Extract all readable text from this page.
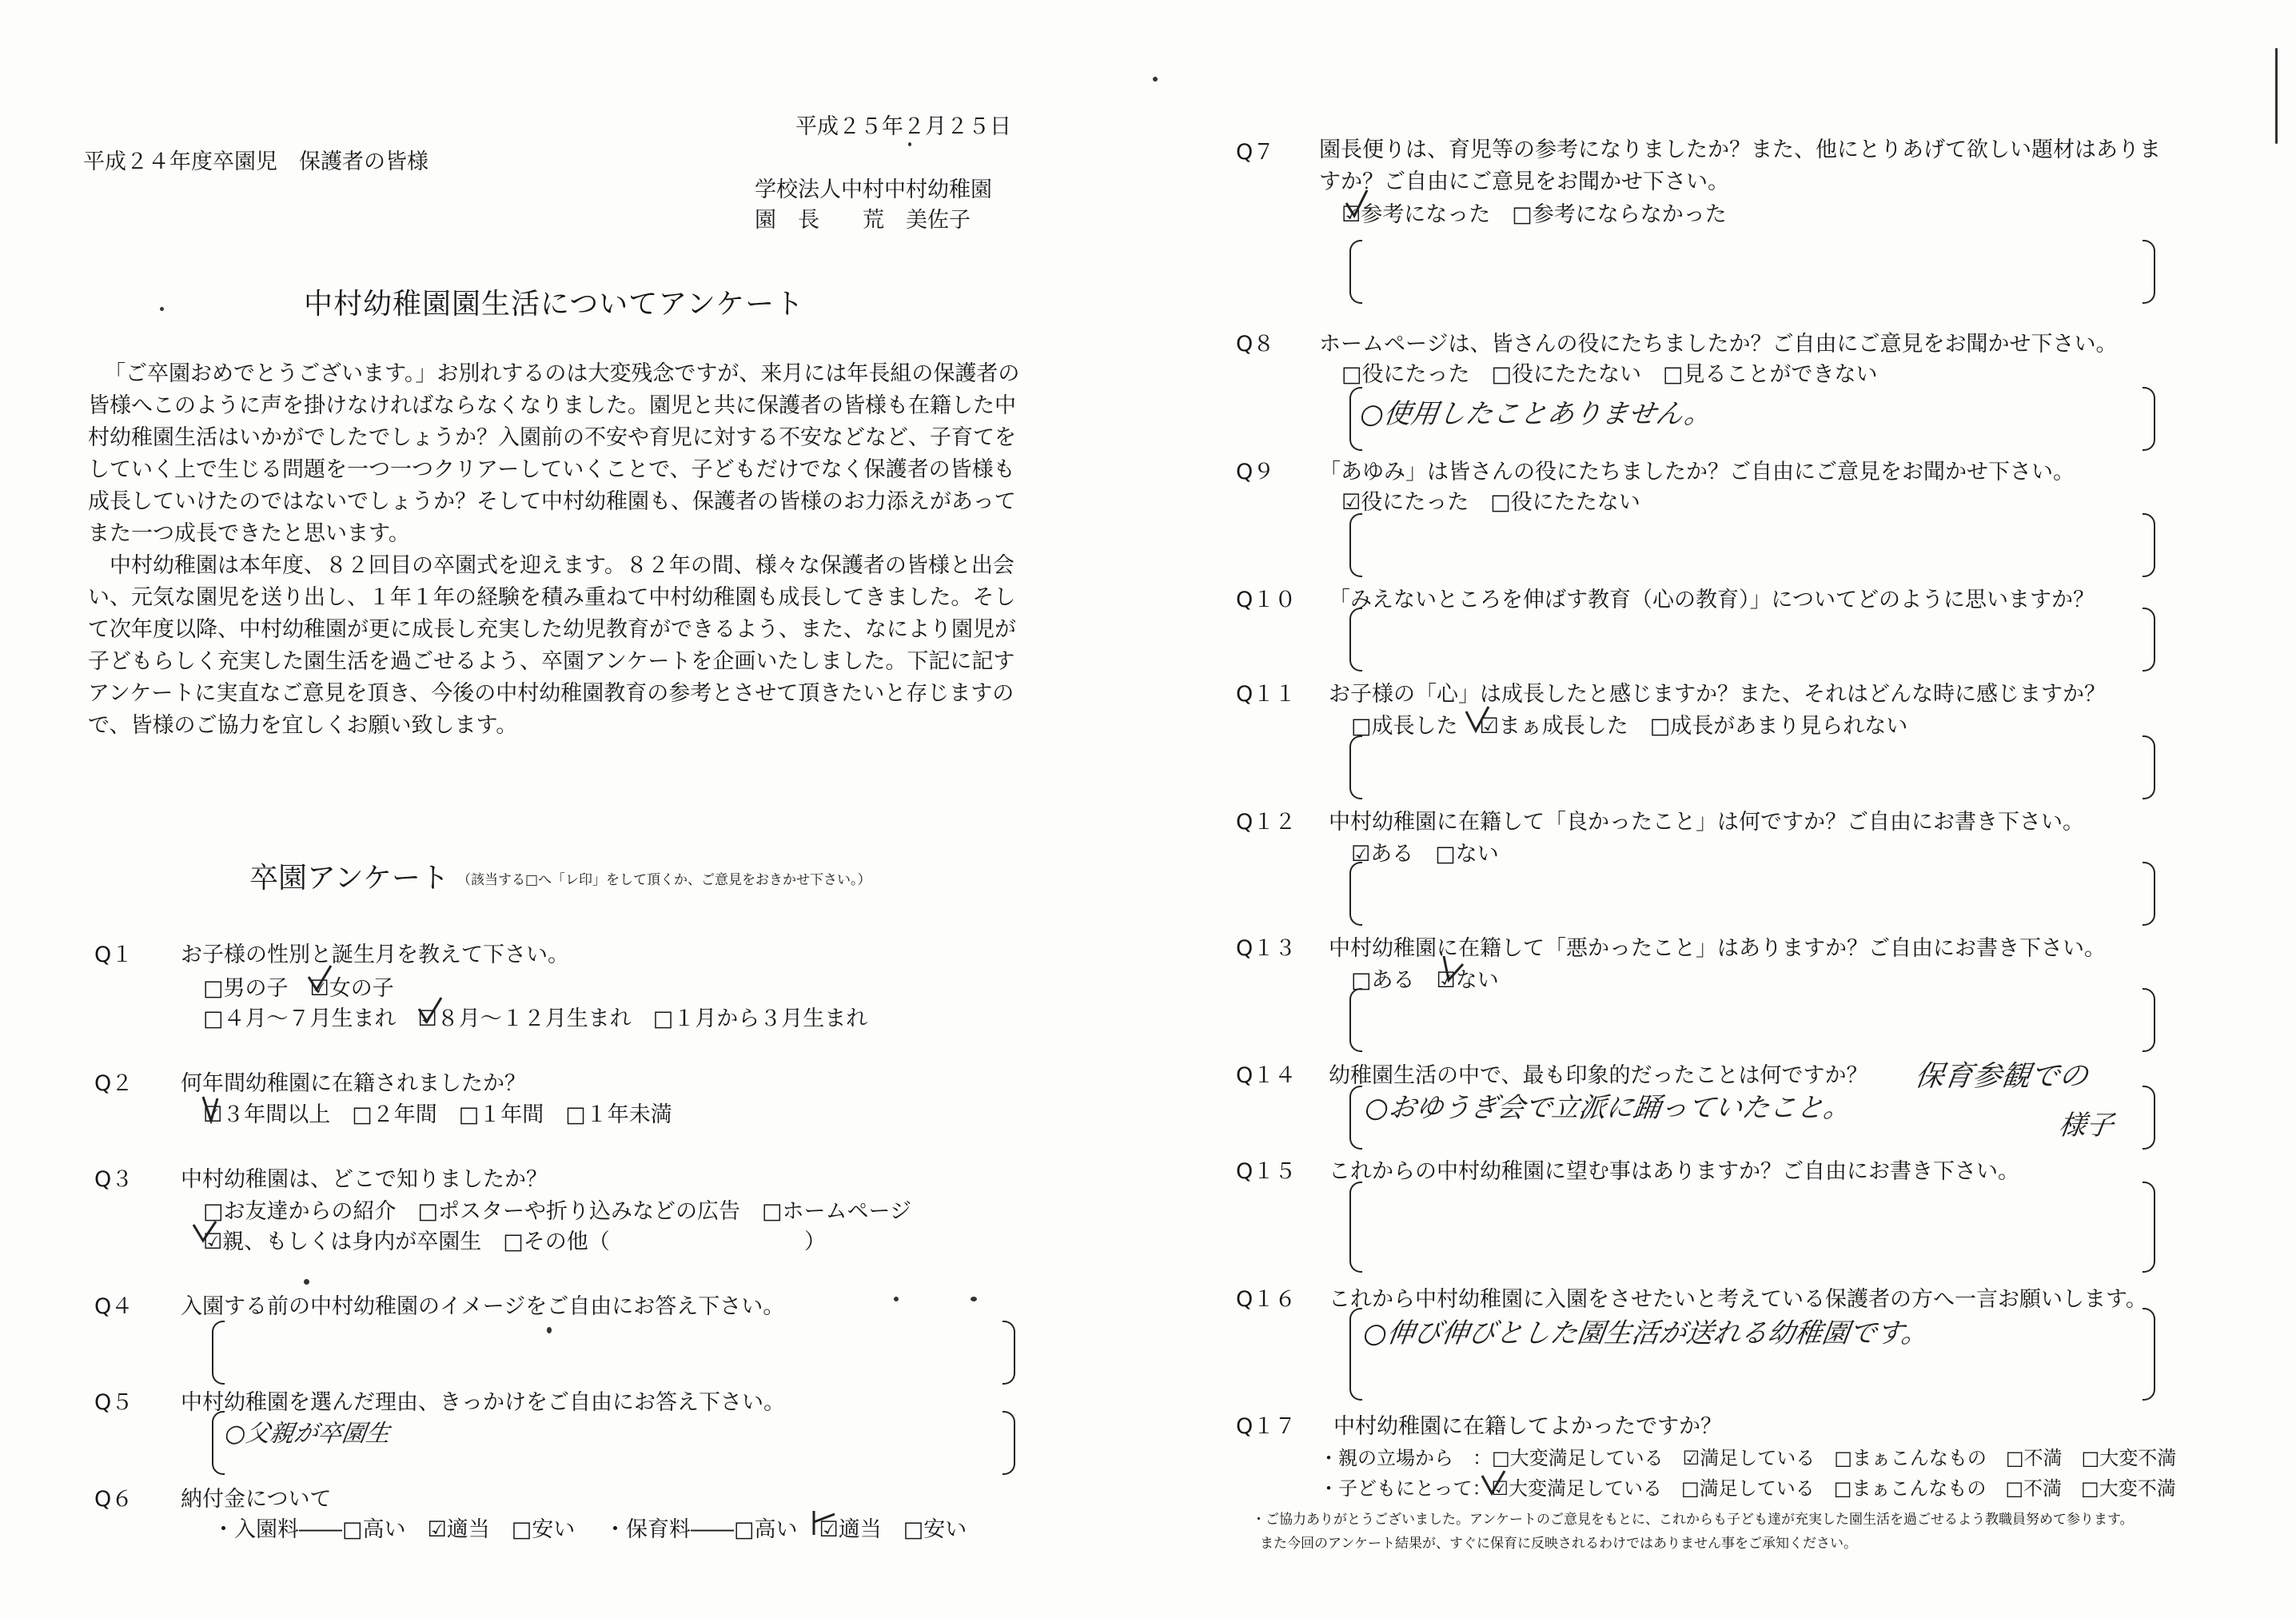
平成２５年２月２５日
平成２４年度卒園児　保護者の皆様
学校法人中村中村幼稚園
園　長　　荒　美佐子
中村幼稚園園生活についてアンケート

「ご卒園おめでとうございます。」お別れするのは大変残念ですが、来月には年長組の保護者の皆様へこのように声を掛けなければならなくなりました。園児と共に保護者の皆様も在籍した中村幼稚園生活はいかがでしたでしょうか？入園前の不安や育児に対する不安などなど、子育てをしていく上で生じる問題を一つ一つクリアーしていくことで、子どもだけでなく保護者の皆様も成長していけたのではないでしょうか？そして中村幼稚園も、保護者の皆様のお力添えがあってまた一つ成長できたと思います。

中村幼稚園は本年度、８２回目の卒園式を迎えます。８２年の間、様々な保護者の皆様と出会い、元気な園児を送り出し、１年１年の経験を積み重ねて中村幼稚園も成長してきました。そして次年度以降、中村幼稚園が更に成長し充実した幼児教育ができるよう、また、なにより園児が子どもらしく充実した園生活を過ごせるよう、卒園アンケートを企画いたしました。下記に記すアンケートに実直なご意見を頂き、今後の中村幼稚園教育の参考とさせて頂きたいと存じますので、皆様のご協力を宜しくお願い致します。

卒園アンケート （該当する□へ「レ印」をして頂くか、ご意見をおきかせ下さい。）
Q１ お子様の性別と誕生月を教えて下さい。
□男の子　☑女の子
□４月～７月生まれ　☑８月～１２月生まれ　□１月から３月生まれ
Q２ 何年間幼稚園に在籍されましたか？
☑３年間以上　□２年間　□１年間　□１年未満
Q３ 中村幼稚園は、どこで知りましたか？
□お友達からの紹介　□ポスターや折り込みなどの広告　□ホームページ
☑親、もしくは身内が卒園生　□その他（	）
Q４ 入園する前の中村幼稚園のイメージをご自由にお答え下さい。
Q５ 中村幼稚園を選んだ理由、きっかけをご自由にお答え下さい。
○父親が卒園生
Q６ 納付金について
・入園料――□高い　☑適当　□安い ・保育料――□高い　☑適当　□安い
Q７ 園長便りは、育児等の参考になりましたか？また、他にとりあげて欲しい題材はありますか？ご自由にご意見をお聞かせ下さい。
☑参考になった　□参考にならなかった
Q８ ホームページは、皆さんの役にたちましたか？ご自由にご意見をお聞かせ下さい。
□役にたった　□役にたたない　□見ることができない
○使用したことありません。
Q９ 「あゆみ」は皆さんの役にたちましたか？ご自由にご意見をお聞かせ下さい。
☑役にたった　□役にたたない
Q１０ 「みえないところを伸ばす教育（心の教育）」についてどのように思いますか？
Q１１ お子様の「心」は成長したと感じますか？また、それはどんな時に感じますか？
□成長した　☑まぁ成長した　□成長があまり見られない
Q１２ 中村幼稚園に在籍して「良かったこと」は何ですか？ご自由にお書き下さい。
☑ある　□ない
Q１３ 中村幼稚園に在籍して「悪かったこと」はありますか？ご自由にお書き下さい。
□ある　☑ない
Q１４ 幼稚園生活の中で、最も印象的だったことは何ですか？
○おゆうぎ会で立派に踊っていたこと。
保育参観での
様子
Q１５ これからの中村幼稚園に望む事はありますか？ご自由にお書き下さい。
Q１６ これから中村幼稚園に入園をさせたいと考えている保護者の方へ一言お願いします。
○伸び伸びとした園生活が送れる幼稚園です。
Q１７ 中村幼稚園に在籍してよかったですか？
・親の立場から　：□大変満足している　☑満足している　□まぁこんなもの　□不満　□大変不満
・子どもにとって：☑大変満足している　□満足している　□まぁこんなもの　□不満　□大変不満
・ご協力ありがとうございました。アンケートのご意見をもとに、これからも子ども達が充実した園生活を過ごせるよう教職員努めて参ります。
また今回のアンケート結果が、すぐに保育に反映されるわけではありません事をご承知ください。
